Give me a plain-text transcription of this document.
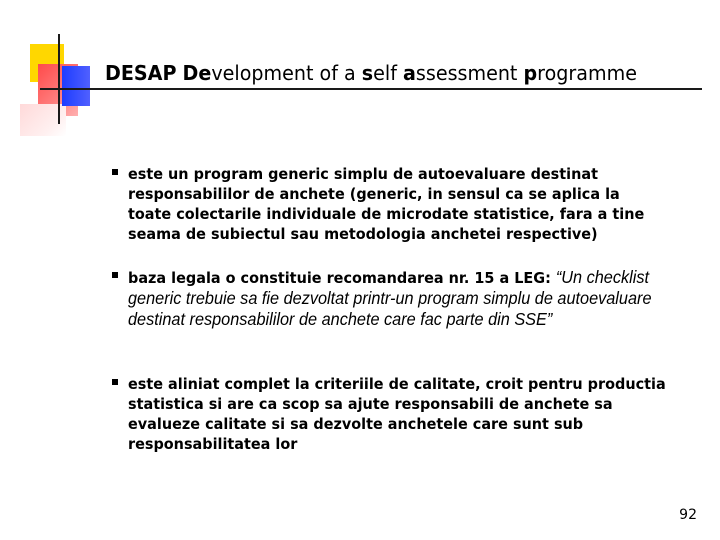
DESAP Development of a self assessment programme
este un program generic simplu de autoevaluare destinat responsabililor de anchete (generic, in sensul ca se aplica la toate colectarile individuale de microdate statistice, fara a tine seama de subiectul sau metodologia anchetei respective)
baza legala o constituie recomandarea nr. 15 a LEG: “Un checklist generic trebuie sa fie dezvoltat printr-un program simplu de autoevaluare destinat responsabililor de anchete care fac parte din SSE”
este aliniat complet la criteriile de calitate, croit pentru productia statistica si are ca scop sa ajute responsabili de anchete sa evalueze calitate si sa dezvolte anchetele care sunt sub responsabilitatea lor
92
